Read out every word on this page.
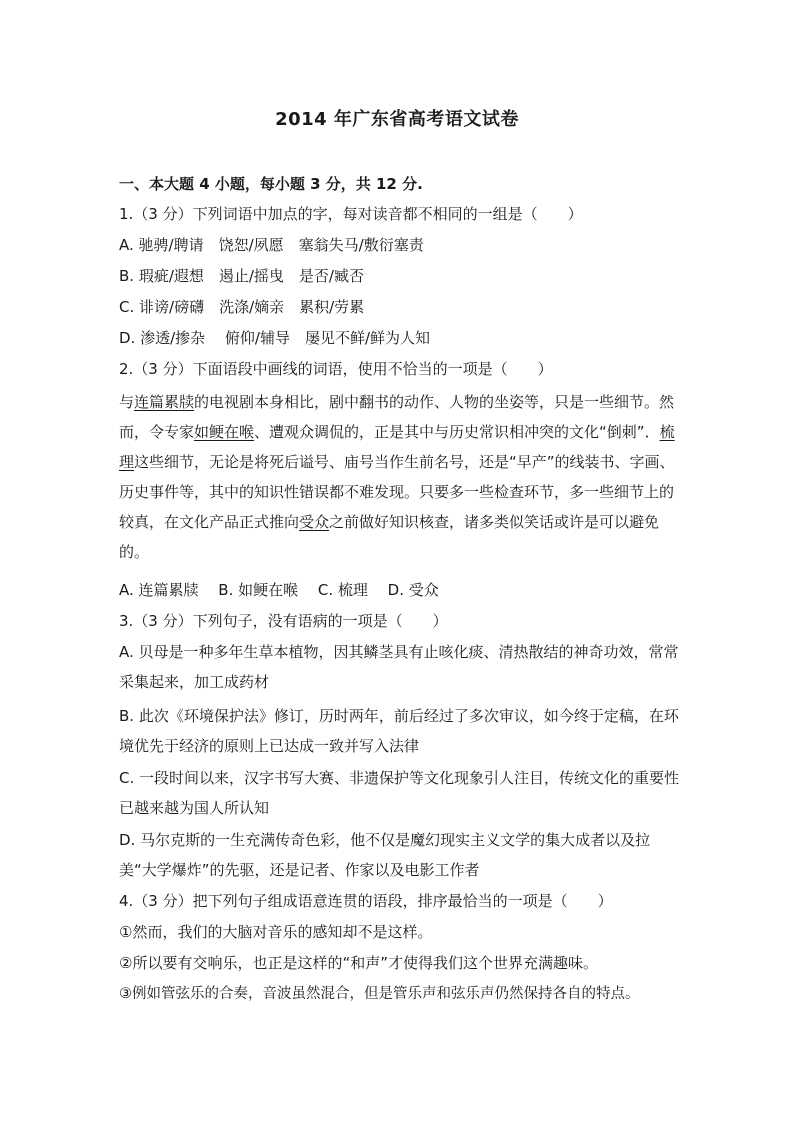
2014 年广东省高考语文试卷
一、本大题 4 小题，每小题 3 分，共 12 分.
1.（3 分）下列词语中加点的字，每对读音都不相同的一组是（　　）
A. 驰骋/聘请　饶恕/夙愿　塞翁失马/敷衍塞责
B. 瑕疵/遐想　遏止/摇曳　是否/臧否
C. 诽谤/磅礴　洗涤/嫡亲　累积/劳累
D. 渗透/掺杂　 俯仰/辅导　屡见不鲜/鲜为人知
2.（3 分）下面语段中画线的词语，使用不恰当的一项是（　　）
与连篇累牍的电视剧本身相比，剧中翻书的动作、人物的坐姿等，只是一些细节。然而，令专家如鲠在喉、遭观众调侃的，正是其中与历史常识相冲突的文化“倒刺”．梳理这些细节，无论是将死后谥号、庙号当作生前名号，还是“早产”的线装书、字画、历史事件等，其中的知识性错误都不难发现。只要多一些检查环节，多一些细节上的较真，在文化产品正式推向受众之前做好知识核查，诸多类似笑话或许是可以避免的。
A. 连篇累牍　 B. 如鲠在喉　 C. 梳理　 D. 受众
3.（3 分）下列句子，没有语病的一项是（　　）
A. 贝母是一种多年生草本植物，因其鳞茎具有止咳化痰、清热散结的神奇功效，常常采集起来，加工成药材
B. 此次《环境保护法》修订，历时两年，前后经过了多次审议，如今终于定稿，在环境优先于经济的原则上已达成一致并写入法律
C. 一段时间以来，汉字书写大赛、非遗保护等文化现象引人注目，传统文化的重要性已越来越为国人所认知
D. 马尔克斯的一生充满传奇色彩，他不仅是魔幻现实主义文学的集大成者以及拉美“大学爆炸”的先驱，还是记者、作家以及电影工作者
4.（3 分）把下列句子组成语意连贯的语段，排序最恰当的一项是（　　）
①然而，我们的大脑对音乐的感知却不是这样。
②所以要有交响乐，也正是这样的“和声”才使得我们这个世界充满趣味。
③例如管弦乐的合奏，音波虽然混合，但是管乐声和弦乐声仍然保持各自的特点。
